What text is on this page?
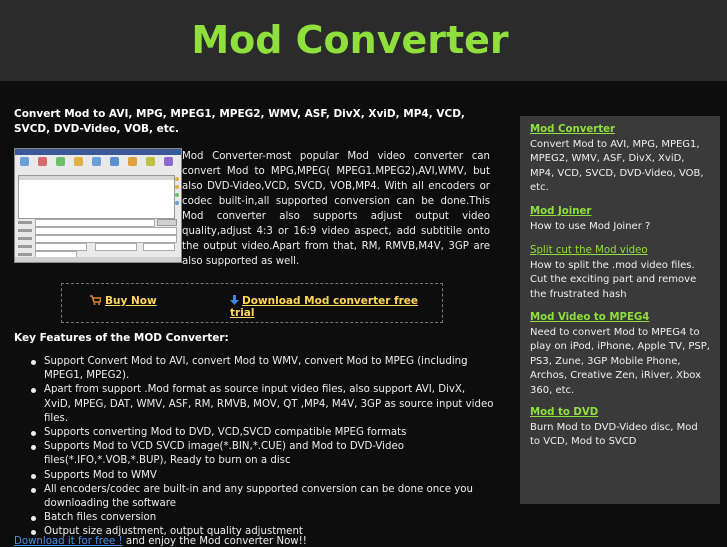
Mod Converter
Convert Mod to AVI, MPG, MPEG1, MPEG2, WMV, ASF, DivX, XviD, MP4, VCD, SVCD, DVD-Video, VOB, etc.
Mod Converter-most popular Mod video converter can convert Mod to MPG,MPEG( MPEG1.MPEG2),AVI,WMV, but also DVD-Video,VCD, SVCD, VOB,MP4. With all encoders or codec built-in,all supported conversion can be done.This Mod converter also supports adjust output video quality,adjust 4:3 or 16:9 video aspect, add subtitile onto the output video.Apart from that, RM, RMVB,M4V, 3GP are also supported as well.
Buy Now	Download Mod converter free trial
Key Features of the MOD Converter:
Support Convert Mod to AVI, convert Mod to WMV, convert Mod to MPEG (including MPEG1, MPEG2).
Apart from support .Mod format as source input video files, also support AVI, DivX, XviD, MPEG, DAT, WMV, ASF, RM, RMVB, MOV, QT ,MP4, M4V, 3GP as source input video files.
Supports converting Mod to DVD, VCD,SVCD compatible MPEG formats
Supports Mod to VCD SVCD image(*.BIN,*.CUE) and Mod to DVD-Video files(*.IFO,*.VOB,*.BUP), Ready to burn on a disc
Supports Mod to WMV
All encoders/codec are built-in and any supported conversion can be done once you downloading the software
Batch files conversion
Output size adjustment, output quality adjustment
Download it for free ! and enjoy the Mod converter Now!!
Mod Converter
Convert Mod to AVI, MPG, MPEG1, MPEG2, WMV, ASF, DivX, XviD, MP4, VCD, SVCD, DVD-Video, VOB, etc.
Mod Joiner
How to use Mod Joiner ?
Split cut the Mod video
How to split the .mod video files. Cut the exciting part and remove the frustrated hash
Mod Video to MPEG4
Need to convert Mod to MPEG4 to play on iPod, iPhone, Apple TV, PSP, PS3, Zune, 3GP Mobile Phone, Archos, Creative Zen, iRiver, Xbox 360, etc.
Mod to DVD
Burn Mod to DVD-Video disc, Mod to VCD, Mod to SVCD
